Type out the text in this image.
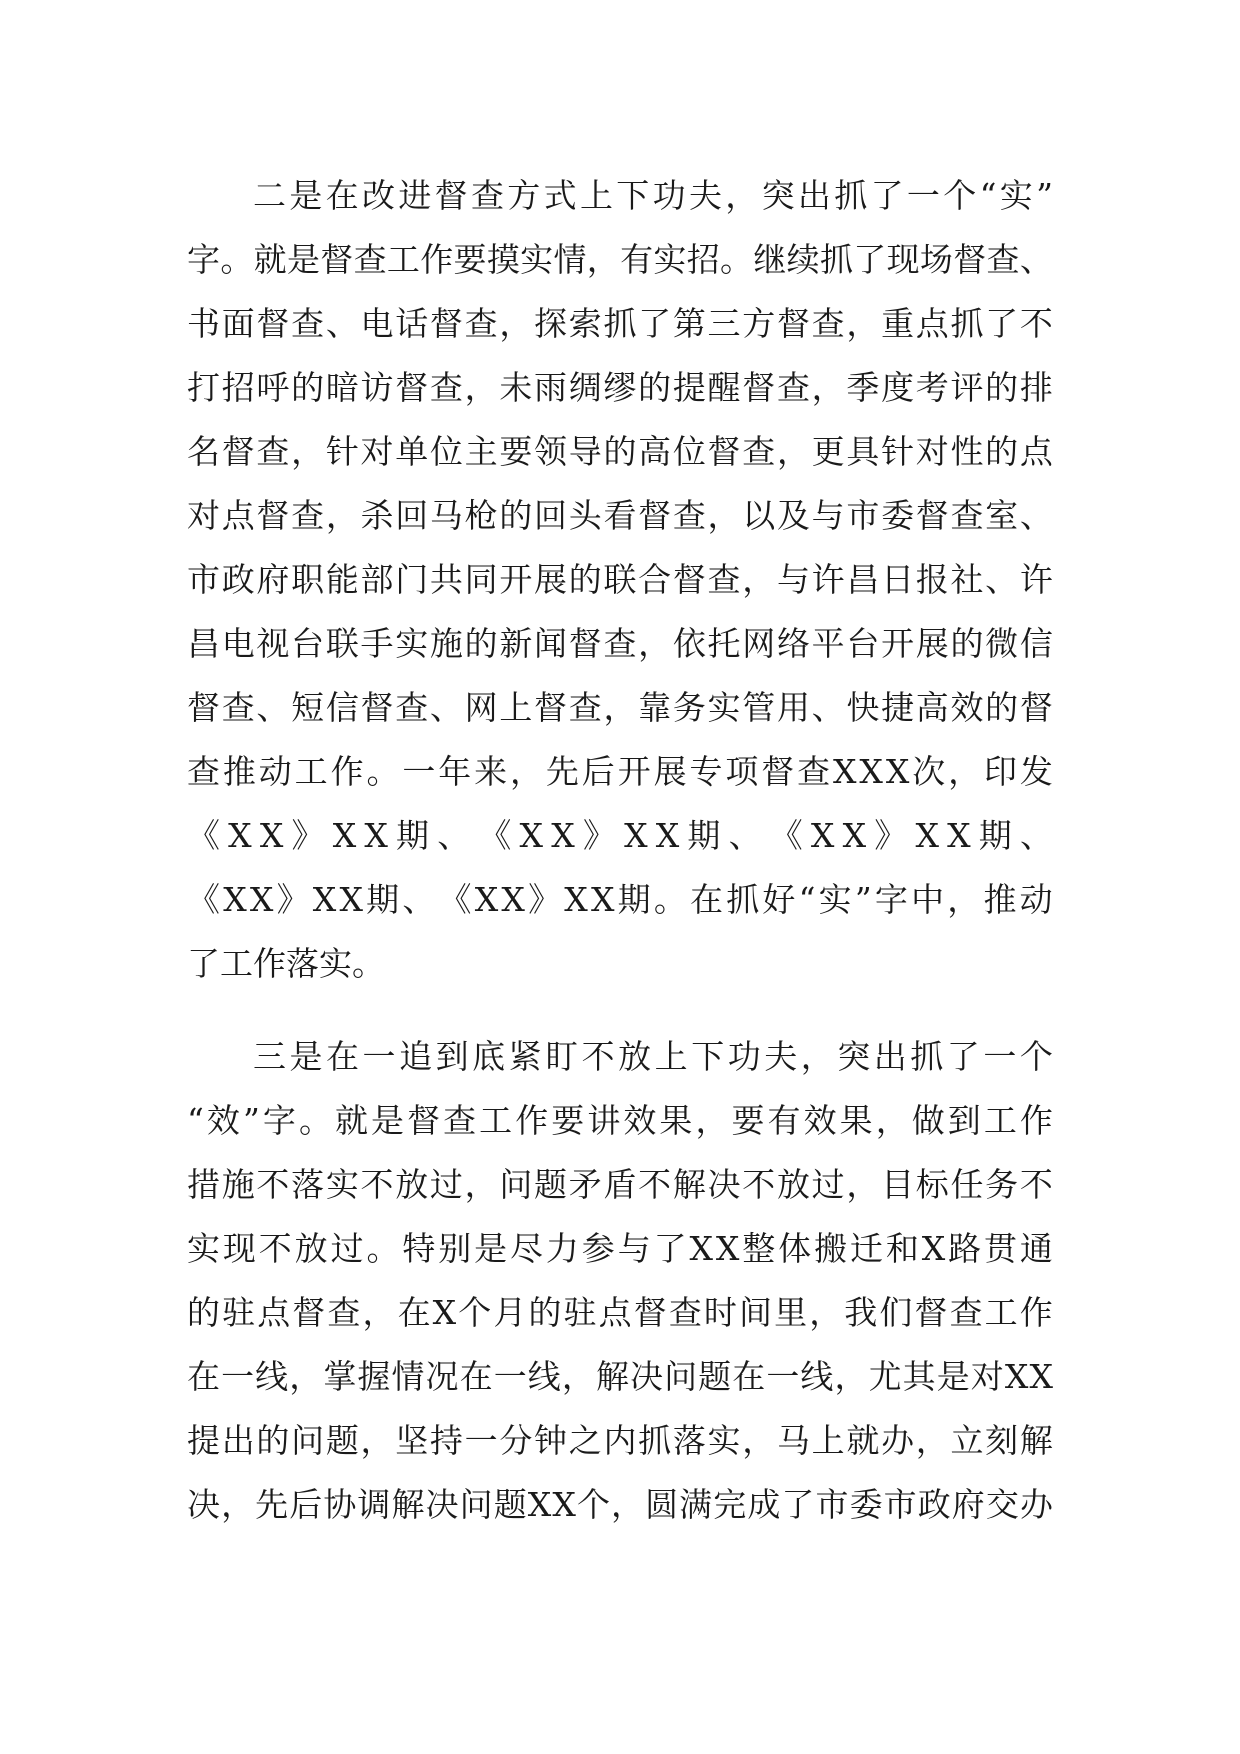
二 是 在 改 进 督 查 方 式 上 下 功 夫 ， 突 出 抓 了 一 个 “ 实 ”
字 。 就 是 督 查 工 作 要 摸 实 情 ， 有 实 招 。 继 续 抓 了 现 场 督 查 、
书 面 督 查 、 电 话 督 查 ， 探 索 抓 了 第 三 方 督 查 ， 重 点 抓 了 不
打 招 呼 的 暗 访 督 查 ， 未 雨 绸 缪 的 提 醒 督 查 ， 季 度 考 评 的 排
名 督 查 ， 针 对 单 位 主 要 领 导 的 高 位 督 查 ， 更 具 针 对 性 的 点
对 点 督 查 ， 杀 回 马 枪 的 回 头 看 督 查 ， 以 及 与 市 委 督 查 室 、
市 政 府 职 能 部 门 共 同 开 展 的 联 合 督 查 ， 与 许 昌 日 报 社 、 许
昌 电 视 台 联 手 实 施 的 新 闻 督 查 ， 依 托 网 络 平 台 开 展 的 微 信
督 查 、 短 信 督 查 、 网 上 督 查 ， 靠 务 实 管 用 、 快 捷 高 效 的 督
查 推 动 工 作 。 一 年 来 ， 先 后 开 展 专 项 督 查 X X X 次 ， 印 发
《 X X 》 X X 期 、 《 X X 》 X X 期 、 《 X X 》 X X 期 、
《 X X 》 X X 期 、 《 X X 》 X X 期 。 在 抓 好 “ 实 ” 字 中 ， 推 动
了工作落实。
三 是 在 一 追 到 底 紧 盯 不 放 上 下 功 夫 ， 突 出 抓 了 一 个
“ 效 ” 字 。 就 是 督 查 工 作 要 讲 效 果 ， 要 有 效 果 ， 做 到 工 作
措 施 不 落 实 不 放 过 ， 问 题 矛 盾 不 解 决 不 放 过 ， 目 标 任 务 不
实 现 不 放 过 。 特 别 是 尽 力 参 与 了 X X 整 体 搬 迁 和 X 路 贯 通
的 驻 点 督 查 ， 在 X 个 月 的 驻 点 督 查 时 间 里 ， 我 们 督 查 工 作
在 一 线 ， 掌 握 情 况 在 一 线 ， 解 决 问 题 在 一 线 ， 尤 其 是 对 X X
提 出 的 问 题 ， 坚 持 一 分 钟 之 内 抓 落 实 ， 马 上 就 办 ， 立 刻 解
决 ， 先 后 协 调 解 决 问 题 X X 个 ， 圆 满 完 成 了 市 委 市 政 府 交 办
